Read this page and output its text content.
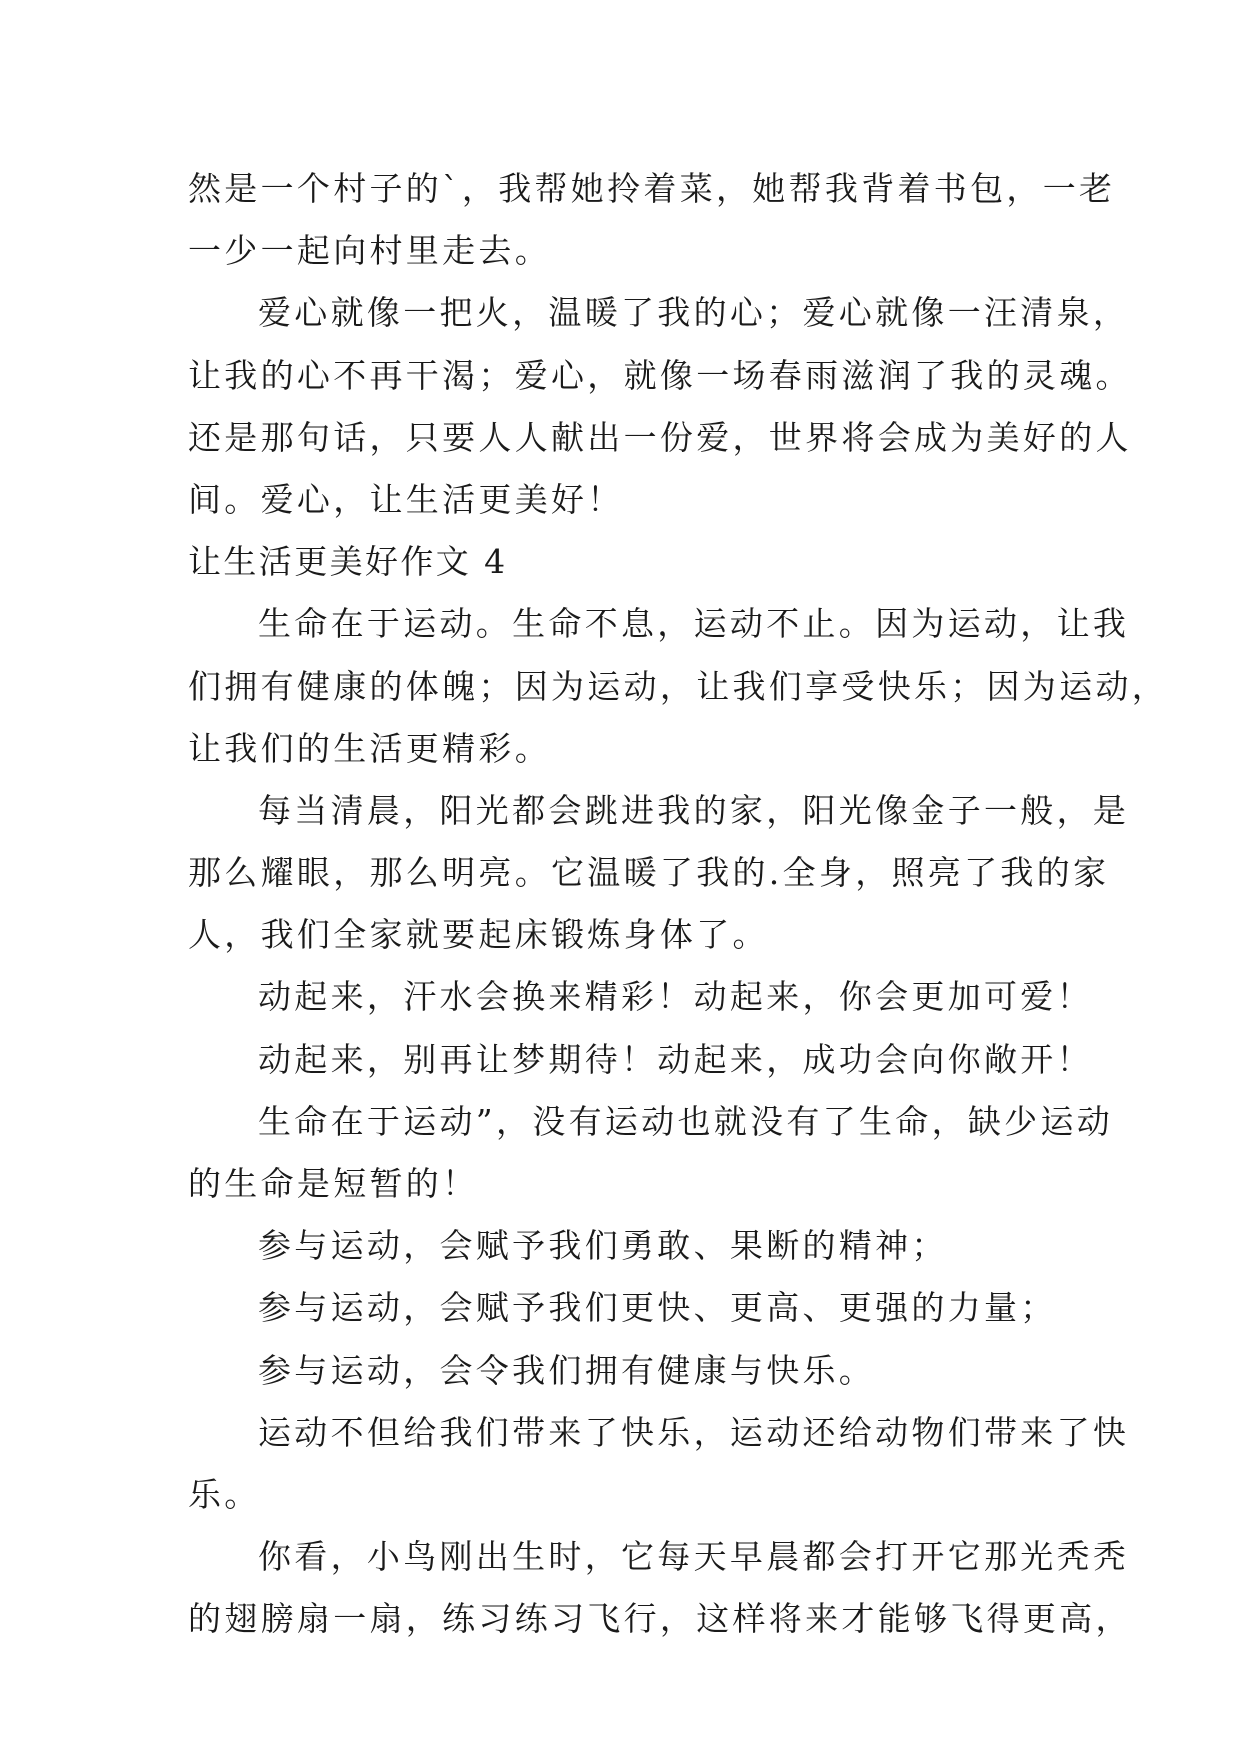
然是一个村子的`，我帮她拎着菜，她帮我背着书包，一老
一少一起向村里走去。
爱心就像一把火，温暖了我的心；爱心就像一汪清泉，
让我的心不再干渴；爱心，就像一场春雨滋润了我的灵魂。
还是那句话，只要人人献出一份爱，世界将会成为美好的人
间。爱心，让生活更美好！
让生活更美好作文 4
生命在于运动。生命不息，运动不止。因为运动，让我
们拥有健康的体魄；因为运动，让我们享受快乐；因为运动，
让我们的生活更精彩。
每当清晨，阳光都会跳进我的家，阳光像金子一般，是
那么耀眼，那么明亮。它温暖了我的.全身，照亮了我的家
人，我们全家就要起床锻炼身体了。
动起来，汗水会换来精彩！动起来，你会更加可爱！
动起来，别再让梦期待！动起来，成功会向你敞开！
生命在于运动”，没有运动也就没有了生命，缺少运动
的生命是短暂的！
参与运动，会赋予我们勇敢、果断的精神；
参与运动，会赋予我们更快、更高、更强的力量；
参与运动，会令我们拥有健康与快乐。
运动不但给我们带来了快乐，运动还给动物们带来了快
乐。
你看，小鸟刚出生时，它每天早晨都会打开它那光秃秃
的翅膀扇一扇，练习练习飞行，这样将来才能够飞得更高，
